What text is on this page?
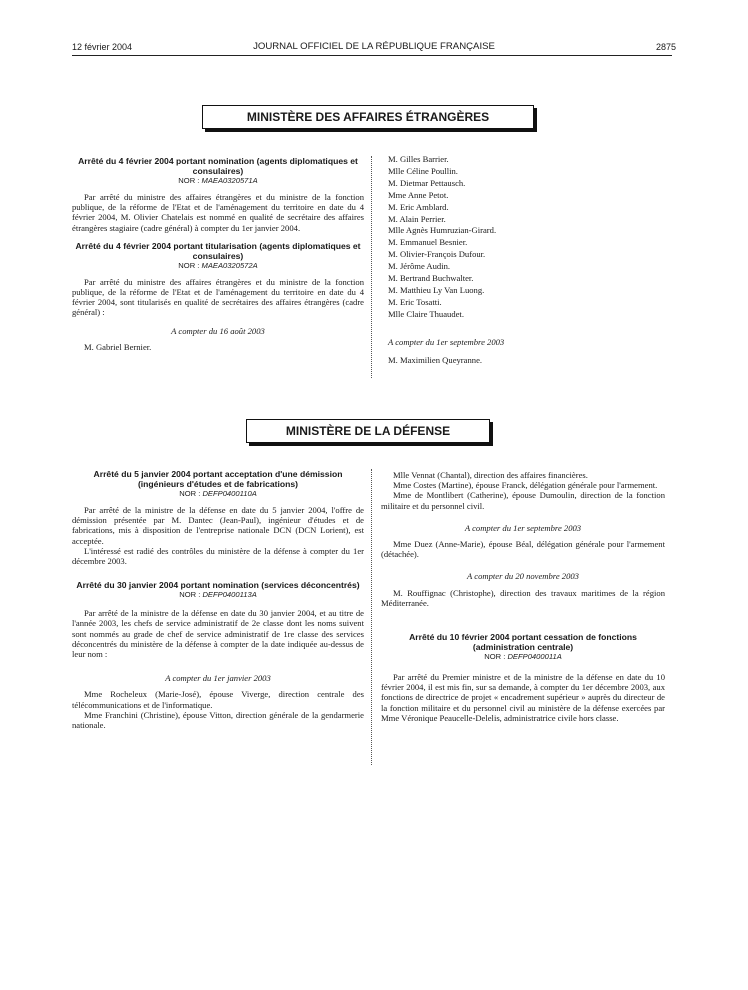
12 février 2004	JOURNAL OFFICIEL DE LA RÉPUBLIQUE FRANÇAISE	2875
MINISTÈRE DES AFFAIRES ÉTRANGÈRES
Arrêté du 4 février 2004 portant nomination (agents diplomatiques et consulaires)
NOR : MAEA0320571A

Par arrêté du ministre des affaires étrangères et du ministre de la fonction publique, de la réforme de l'Etat et de l'aménagement du territoire en date du 4 février 2004, M. Olivier Chatelais est nommé en qualité de secrétaire des affaires étrangères stagiaire (cadre général) à compter du 1er janvier 2004.

Arrêté du 4 février 2004 portant titularisation (agents diplomatiques et consulaires)
NOR : MAEA0320572A

Par arrêté du ministre des affaires étrangères et du ministre de la fonction publique, de la réforme de l'Etat et de l'aménagement du territoire en date du 4 février 2004, sont titularisés en qualité de secrétaires des affaires étrangères (cadre général) :

A compter du 16 août 2003

M. Gabriel Bernier.

M. Gilles Barrier.

Mlle Céline Poullin.

M. Dietmar Pettausch.

Mme Anne Petot.

M. Eric Amblard.

M. Alain Perrier.

Mlle Agnès Humruzian-Girard.

M. Emmanuel Besnier.

M. Olivier-François Dufour.

M. Jérôme Audin.

M. Bertrand Buchwalter.

M. Matthieu Ly Van Luong.

M. Eric Tosatti.

Mlle Claire Thuaudet.

A compter du 1er septembre 2003

M. Maximilien Queyranne.

MINISTÈRE DE LA DÉFENSE
Arrêté du 5 janvier 2004 portant acceptation d'une démission (ingénieurs d'études et de fabrications)
NOR : DEFP0400110A

Par arrêté de la ministre de la défense en date du 5 janvier 2004, l'offre de démission présentée par M. Dantec (Jean-Paul), ingénieur d'études et de fabrications, mis à disposition de l'entreprise nationale DCN (DCN Lorient), est acceptée.

L'intéressé est radié des contrôles du ministère de la défense à compter du 1er décembre 2003.

Arrêté du 30 janvier 2004 portant nomination (services déconcentrés)
NOR : DEFP0400113A

Par arrêté de la ministre de la défense en date du 30 janvier 2004, et au titre de l'année 2003, les chefs de service administratif de 2e classe dont les noms suivent sont nommés au grade de chef de service administratif de 1re classe des services déconcentrés du ministère de la défense à compter de la date indiquée au-dessus de leur nom :

A compter du 1er janvier 2003

Mme Rocheleux (Marie-José), épouse Viverge, direction centrale des télécommunications et de l'informatique.

Mme Franchini (Christine), épouse Vitton, direction générale de la gendarmerie nationale.

Mlle Vennat (Chantal), direction des affaires financières.

Mme Costes (Martine), épouse Franck, délégation générale pour l'armement.

Mme de Montlibert (Catherine), épouse Dumoulin, direction de la fonction militaire et du personnel civil.

A compter du 1er septembre 2003

Mme Duez (Anne-Marie), épouse Béal, délégation générale pour l'armement (détachée).

A compter du 20 novembre 2003

M. Rouffignac (Christophe), direction des travaux maritimes de la région Méditerranée.

Arrêté du 10 février 2004 portant cessation de fonctions (administration centrale)
NOR : DEFP0400011A

Par arrêté du Premier ministre et de la ministre de la défense en date du 10 février 2004, il est mis fin, sur sa demande, à compter du 1er décembre 2003, aux fonctions de directrice de projet « encadrement supérieur » auprès du directeur de la fonction militaire et du personnel civil au ministère de la défense exercées par Mme Véronique Peaucelle-Delelis, administratrice civile hors classe.
